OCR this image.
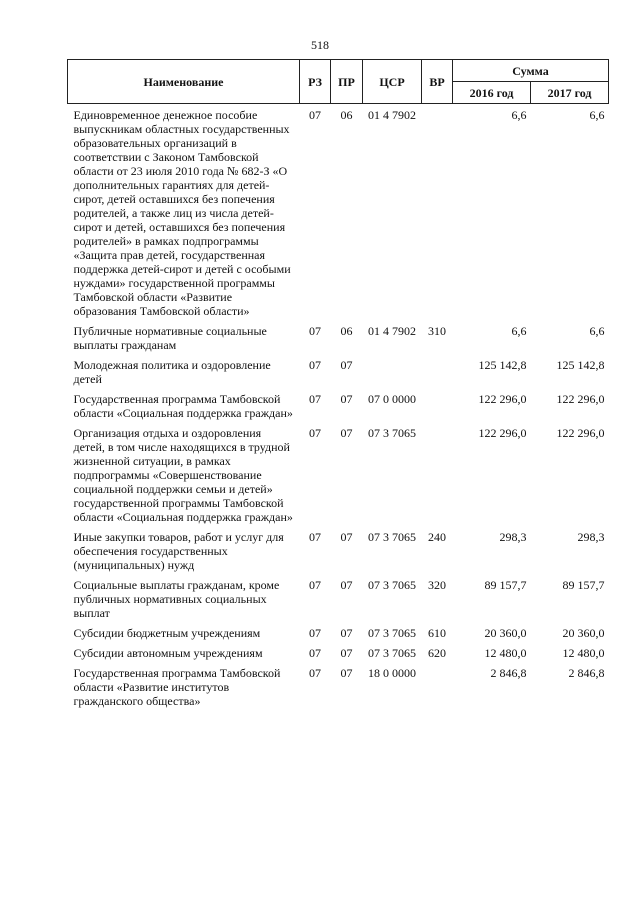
518
Наименование	РЗ	ПР	ЦСР	ВР	Сумма	
					2016 год	2017 год
Единовременное денежное пособие выпускникам областных государственных образовательных организаций в соответствии с Законом Тамбовской области от 23 июля 2010 года № 682-З «О дополнительных гарантиях для детей-сирот, детей оставшихся без попечения родителей, а также лиц из числа детей-сирот и детей, оставшихся без попечения родителей» в рамках подпрограммы «Защита прав детей, государственная поддержка детей-сирот и детей с особыми нуждами» государственной программы Тамбовской области «Развитие образования Тамбовской области»	07	06	01 4 7902		6,6	6,6
Публичные нормативные социальные выплаты гражданам	07	06	01 4 7902	310	6,6	6,6
Молодежная политика и оздоровление детей	07	07			125 142,8	125 142,8
Государственная программа Тамбовской области «Социальная поддержка граждан»	07	07	07 0 0000		122 296,0	122 296,0
Организация отдыха и оздоровления детей, в том числе находящихся в трудной жизненной ситуации, в рамках подпрограммы «Совершенствование социальной поддержки семьи и детей» государственной программы Тамбовской области «Социальная поддержка граждан»	07	07	07 3 7065		122 296,0	122 296,0
Иные закупки товаров, работ и услуг для обеспечения государственных (муниципальных) нужд	07	07	07 3 7065	240	298,3	298,3
Социальные выплаты гражданам, кроме публичных нормативных социальных выплат	07	07	07 3 7065	320	89 157,7	89 157,7
Субсидии бюджетным учреждениям	07	07	07 3 7065	610	20 360,0	20 360,0
Субсидии автономным учреждениям	07	07	07 3 7065	620	12 480,0	12 480,0
Государственная программа Тамбовской области «Развитие институтов гражданского общества»	07	07	18 0 0000		2 846,8	2 846,8
